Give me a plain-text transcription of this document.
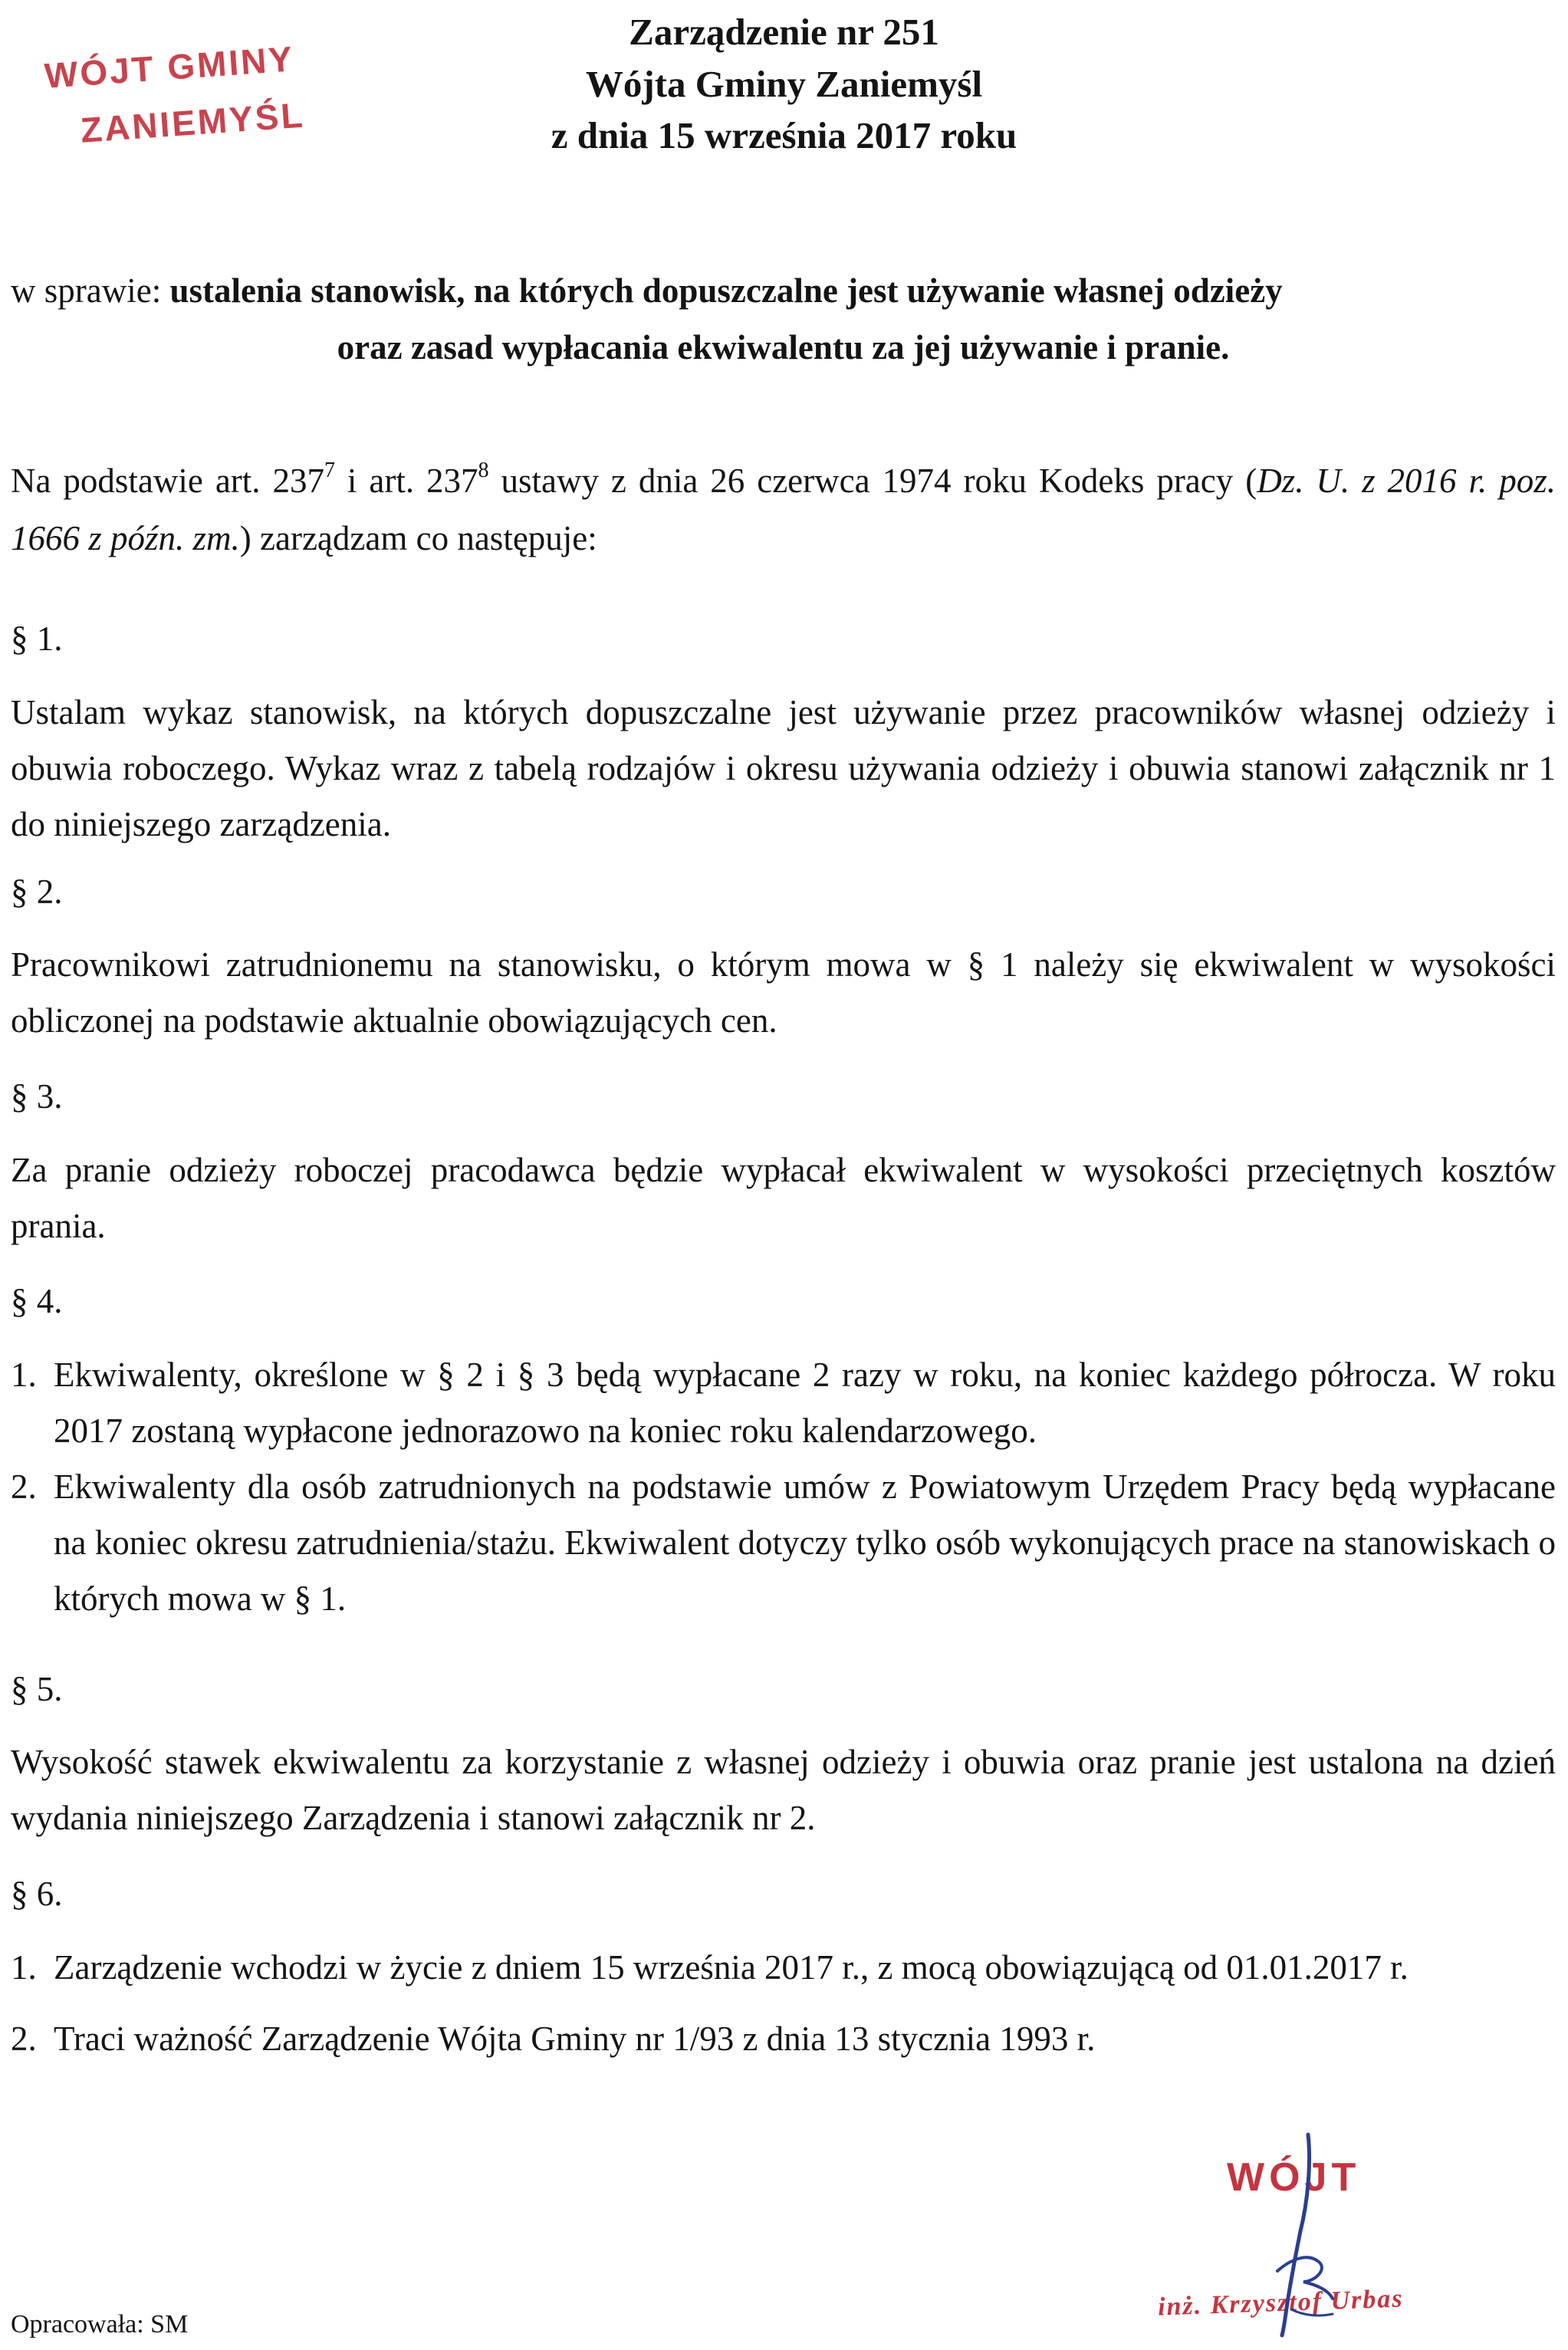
WÓJT GMINY
ZANIEMYŚL
Zarządzenie nr 251
Wójta Gminy Zaniemyśl
z dnia 15 września 2017 roku
w sprawie: ustalenia stanowisk, na których dopuszczalne jest używanie własnej odzieży
oraz zasad wypłacania ekwiwalentu za jej używanie i pranie.
Na podstawie art. $237^7$ i art. $237^8$ ustawy z dnia 26 czerwca 1974 roku Kodeks pracy (Dz. U. z 2016 r. poz. 1666 z późn. zm.) zarządzam co następuje:
§ 1.
Ustalam wykaz stanowisk, na których dopuszczalne jest używanie przez pracowników własnej odzieży i obuwia roboczego. Wykaz wraz z tabelą rodzajów i okresu używania odzieży i obuwia stanowi załącznik nr 1 do niniejszego zarządzenia.
§ 2.
Pracownikowi zatrudnionemu na stanowisku, o którym mowa w § 1 należy się ekwiwalent w wysokości obliczonej na podstawie aktualnie obowiązujących cen.
§ 3.
Za pranie odzieży roboczej pracodawca będzie wypłacał ekwiwalent w wysokości przeciętnych kosztów prania.
§ 4.
1. Ekwiwalenty, określone w § 2 i § 3 będą wypłacane 2 razy w roku, na koniec każdego półrocza. W roku 2017 zostaną wypłacone jednorazowo na koniec roku kalendarzowego.
2. Ekwiwalenty dla osób zatrudnionych na podstawie umów z Powiatowym Urzędem Pracy będą wypłacane na koniec okresu zatrudnienia/stażu. Ekwiwalent dotyczy tylko osób wykonujących prace na stanowiskach o których mowa w § 1.
§ 5.
Wysokość stawek ekwiwalentu za korzystanie z własnej odzieży i obuwia oraz pranie jest ustalona na dzień wydania niniejszego Zarządzenia i stanowi załącznik nr 2.
§ 6.
1. Zarządzenie wchodzi w życie z dniem 15 września 2017 r., z mocą obowiązującą od 01.01.2017 r.
2. Traci ważność Zarządzenie Wójta Gminy nr 1/93 z dnia 13 stycznia 1993 r.
WÓJT
inż. Krzysztof Urbas
Opracowała: SM
